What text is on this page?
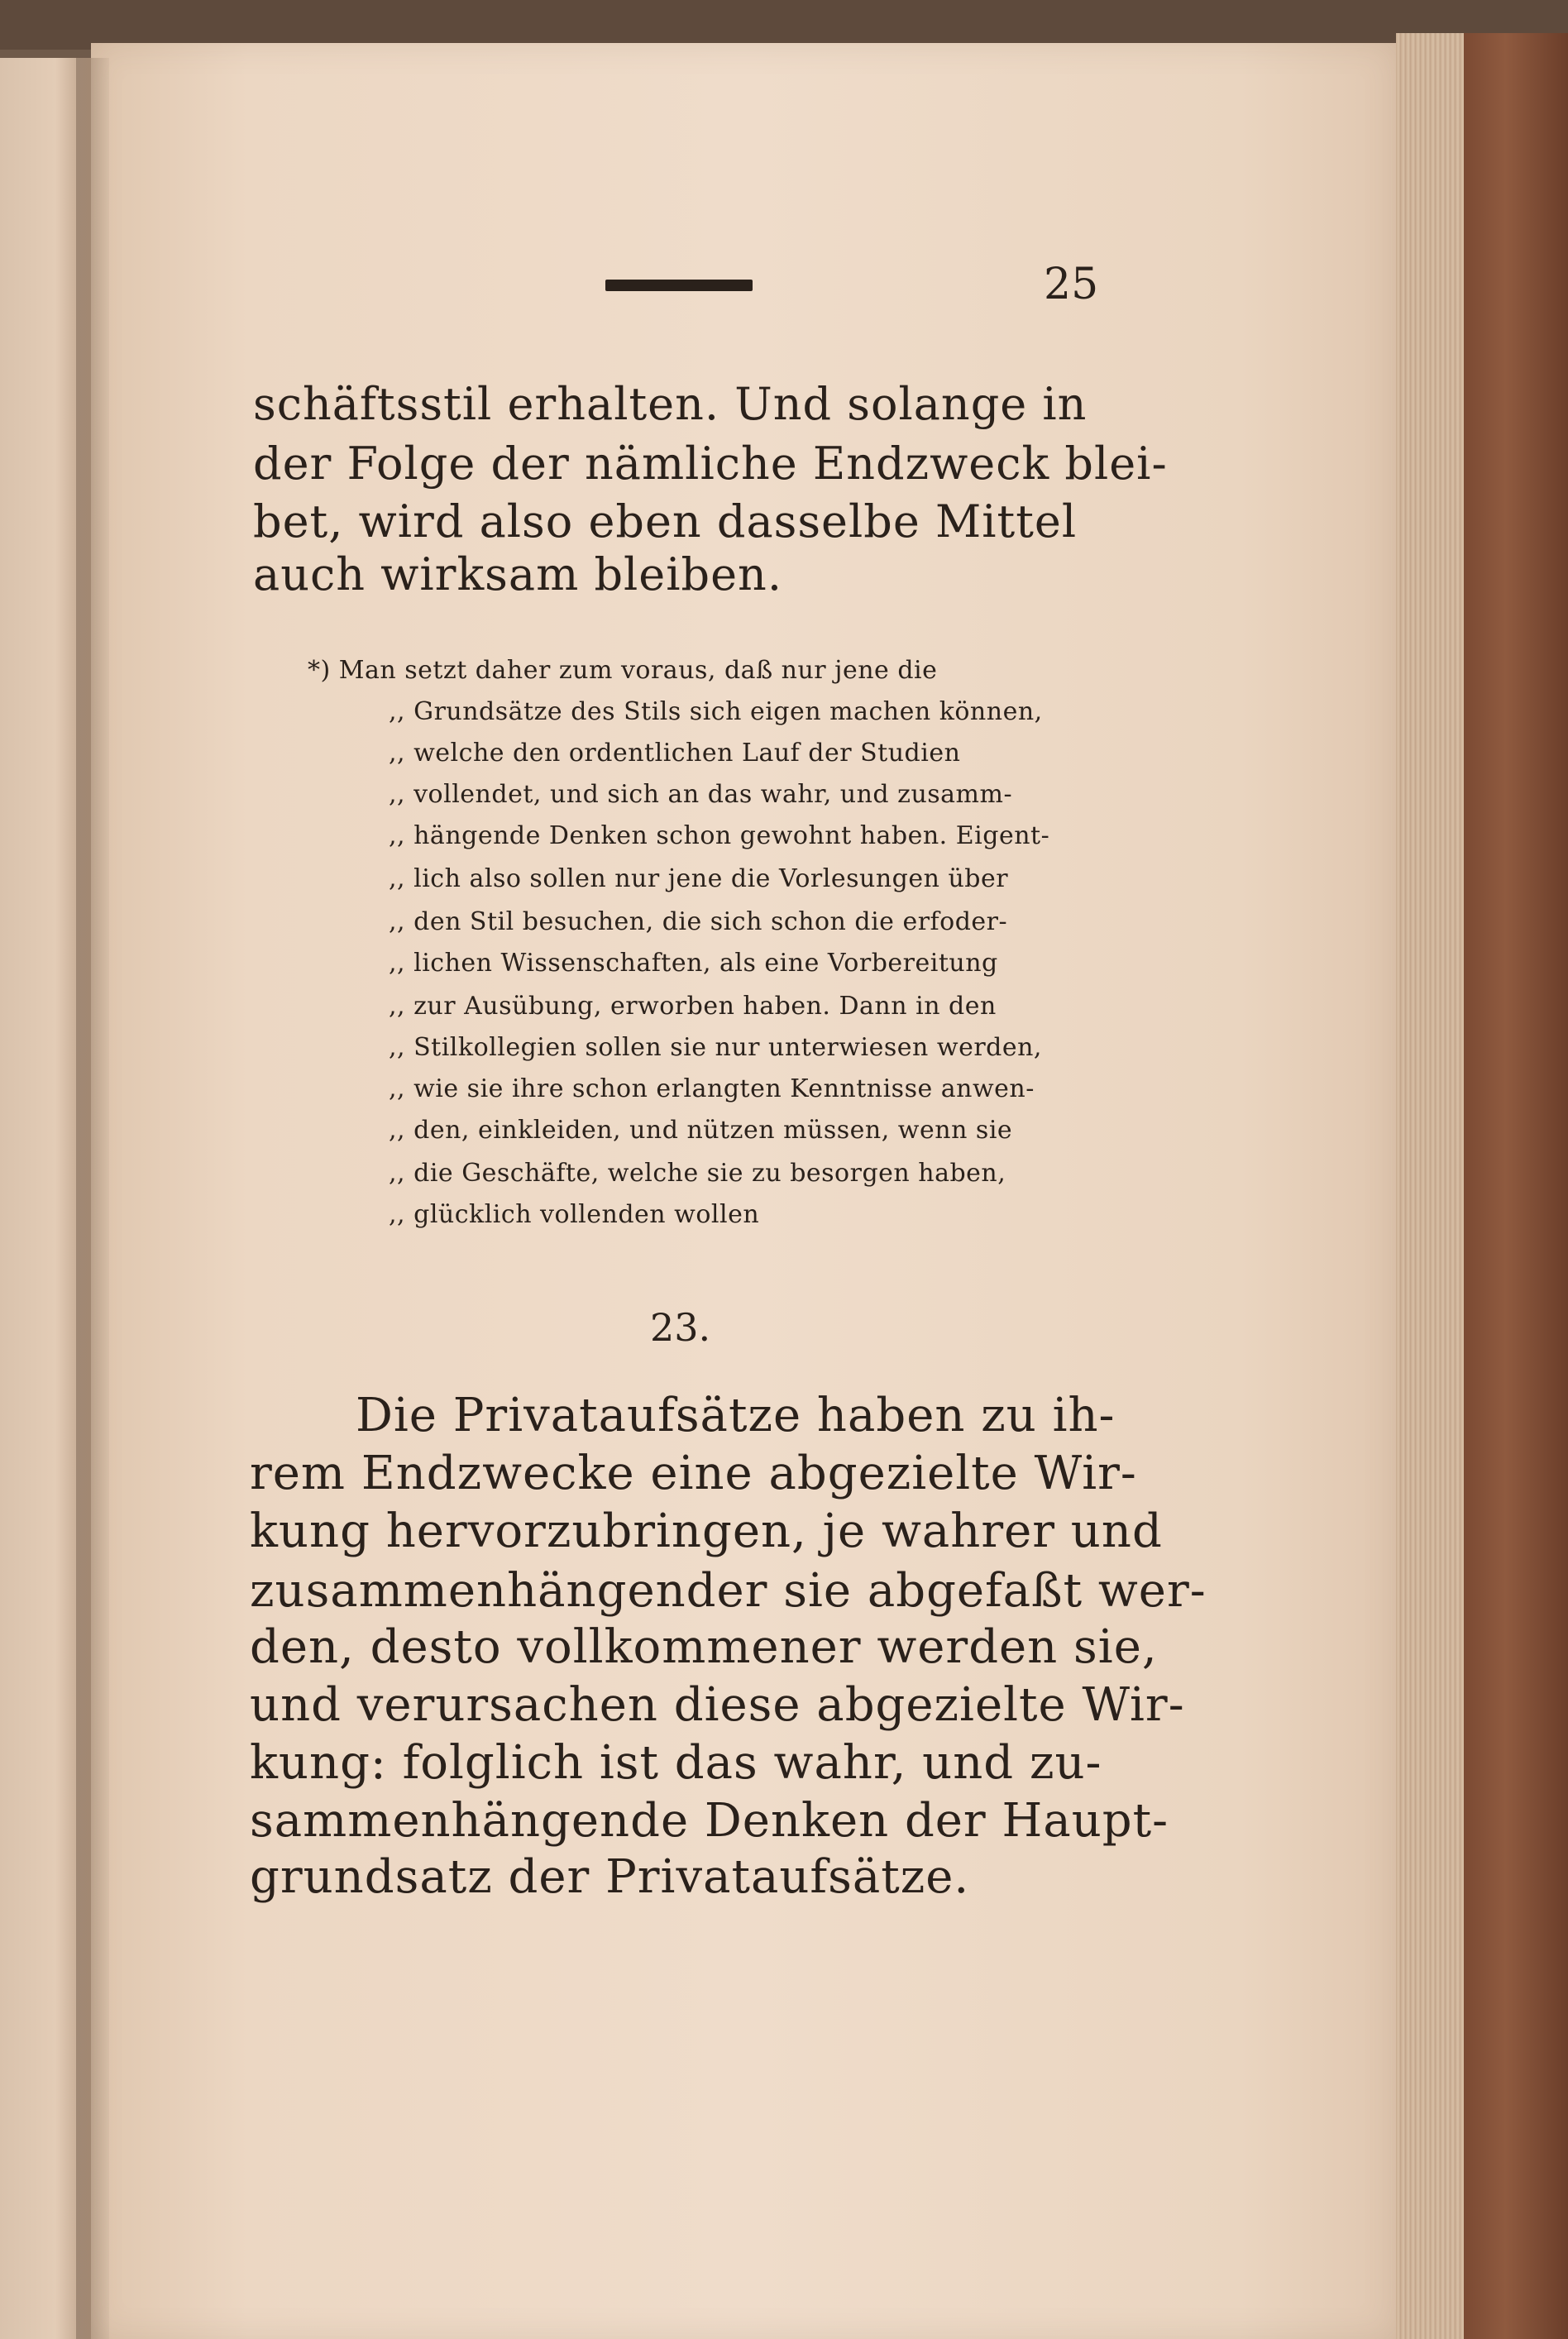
25
schäftsstil erhalten. Und solange in
der Folge der nämliche Endzweck blei-
bet, wird also eben dasselbe Mittel
auch wirksam bleiben.
*) Man setzt daher zum voraus, daß nur jene die
,, Grundsätze des Stils sich eigen machen können,
,, welche den ordentlichen Lauf der Studien
,, vollendet, und sich an das wahr, und zusamm-
,, hängende Denken schon gewohnt haben. Eigent-
,, lich also sollen nur jene die Vorlesungen über
,, den Stil besuchen, die sich schon die erfoder-
,, lichen Wissenschaften, als eine Vorbereitung
,, zur Ausübung, erworben haben. Dann in den
,, Stilkollegien sollen sie nur unterwiesen werden,
,, wie sie ihre schon erlangten Kenntnisse anwen-
,, den, einkleiden, und nützen müssen, wenn sie
,, die Geschäfte, welche sie zu besorgen haben,
,, glücklich vollenden wollen
23.
Die Privataufsätze haben zu ih-
rem Endzwecke eine abgezielte Wir-
kung hervorzubringen, je wahrer und
zusammenhängender sie abgefaßt wer-
den, desto vollkommener werden sie,
und verursachen diese abgezielte Wir-
kung: folglich ist das wahr, und zu-
sammenhängende Denken der Haupt-
grundsatz der Privataufsätze.
